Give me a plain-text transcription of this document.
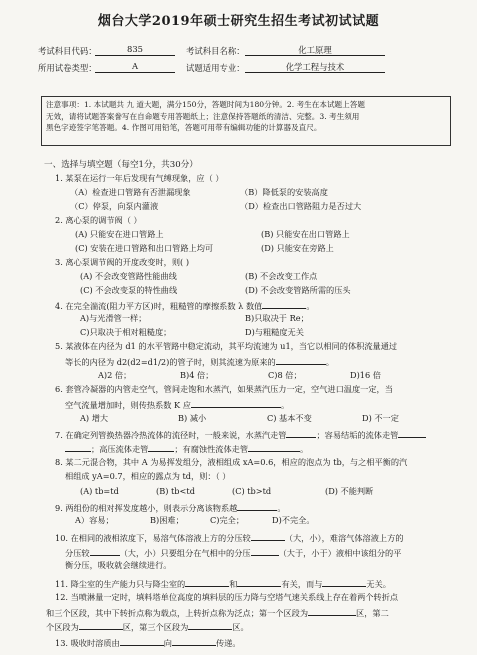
烟台大学2019年硕士研究生招生考试初试试题
考试科目代码：	835	考试科目名称：	化工原理
所用试卷类型：	A	试题适用专业：	化学工程与技术
注意事项：1. 本试题共 九 道大题，满分150分，答题时间为180分钟。2. 考生在本试题上答题
无效，请将试题答案誊写在自命题专用答题纸上；注意保持答题纸的清洁、完整。3. 考生须用
黑色字迹签字笔答题。4. 作图可用铅笔，答题可用带有编辑功能的计算器及直尺。
一、选择与填空题（每空1分，共30分）
1. 某泵在运行一年后发现有气缚现象，应（ ）
（A）检查进口管路有否泄漏现象	（B）降低泵的安装高度
（C）停泵，向泵内灌液	（D）检查出口管路阻力是否过大
2. 离心泵的调节阀（ ）
(A) 只能安在进口管路上	(B) 只能安在出口管路上
(C) 安装在进口管路和出口管路上均可	(D) 只能安在旁路上
3. 离心泵调节阀的开度改变时，则( )
(A) 不会改变管路性能曲线	(B) 不会改变工作点
(C) 不会改变泵的特性曲线	(D) 不会改变管路所需的压头
4. 在完全湍流(阻力平方区)时，粗糙管的摩擦系数 λ 数值	。
A)与光滑管一样；	B)只取决于 Re；
C)只取决于相对粗糙度；	D)与粗糙度无关
5. 某液体在内径为 d1 的水平管路中稳定流动，其平均流速为 u1，当它以相同的体积流量通过
等长的内径为 d2(d2=d1/2)的管子时，则其流速为原来的	。
A)2 倍；	B)4 倍；	C)8 倍；	D)16 倍
6. 套管冷凝器的内管走空气，管间走饱和水蒸汽，如果蒸汽压力一定，空气进口温度一定，当
空气流量增加时，则传热系数 K 应	。
A) 增大	B) 减小	C) 基本不变	D) 不一定
7. 在确定列管换热器冷热流体的流径时，一般来说，水蒸汽走管	；容易结垢的流体走管
；高压流体走管	；有腐蚀性流体走管	。
8. 某二元混合物，其中 A 为易挥发组分，液相组成 xA=0.6，相应的泡点为 tb，与之相平衡的汽
相组成 yA=0.7，相应的露点为 td，则：（ ）
(A) tb=td	(B) tb<td	(C) tb>td	(D) 不能判断
9. 两组份的相对挥发度越小，则表示分离该物系越	。
A）容易；	B)困难；	C)完全；	D)不完全。
10. 在相同的液相浓度下，易溶气体溶液上方的分压较	（大，小），难溶气体溶液上方的
分压较	（大，小）只要组分在气相中的分压	（大于，小于）液相中该组分的平
衡分压，吸收就会继续进行。
11. 降尘室的生产能力只与降尘室的	和	有关，而与	无关。
12. 当喷淋量一定时，填料塔单位高度的填料层的压力降与空塔气速关系线上存在着两个转折点
和三个区段，其中下转折点称为载点，上转折点称为泛点；第一个区段为	区，第二
个区段为	区，第三个区段为	区。
13. 吸收时溶质由	向	传递。
